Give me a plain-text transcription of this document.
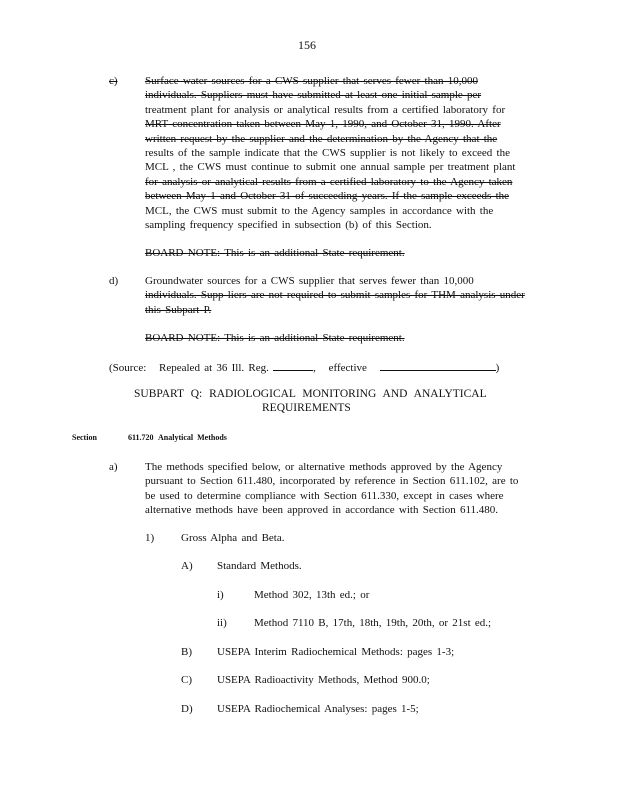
156
c) Surface water sources for a CWS supplier that serves fewer than 10,000
individuals. Suppliers must have submitted at least one initial sample per
treatment plant for analysis or analytical results from a certified laboratory for
MRT concentration taken between May 1, 1990, and October 31, 1990. After
written request by the supplier and the determination by the Agency that the
results of the sample indicate that the CWS supplier is not likely to exceed the
MCL , the CWS must continue to submit one annual sample per treatment plant
for analysis or analytical results from a certified laboratory to the Agency taken
between May 1 and October 31 of succeeding years. If the sample exceeds the
MCL, the CWS must submit to the Agency samples in accordance with the
sampling frequency specified in subsection (b) of this Section.
BOARD NOTE: This is an additional State requirement.
d) Groundwater sources for a CWS supplier that serves fewer than 10,000
individuals. Supp liers are not required to submit samples for THM analysis under
this Subpart P.
BOARD NOTE: This is an additional State requirement.
(Source: Repealed at 36 Ill. Reg.	, effective	)
SUBPART Q: RADIOLOGICAL MONITORING AND ANALYTICAL
REQUIREMENTS
Section	611.720 Analytical Methods
a) The methods specified below, or alternative methods approved by the Agency
pursuant to Section 611.480, incorporated by reference in Section 611.102, are to
be used to determine compliance with Section 611.330, except in cases where
alternative methods have been approved in accordance with Section 611.480.
1) Gross Alpha and Beta.
A) Standard Methods.
i)	Method 302, 13th ed.; or
ii) Method 7110 B, 17th, 18th, 19th, 20th, or 21st ed.;
B) USEPA Interim Radiochemical Methods: pages 1-3;
C) USEPA Radioactivity Methods, Method 900.0;
D) USEPA Radiochemical Analyses: pages 1-5;
